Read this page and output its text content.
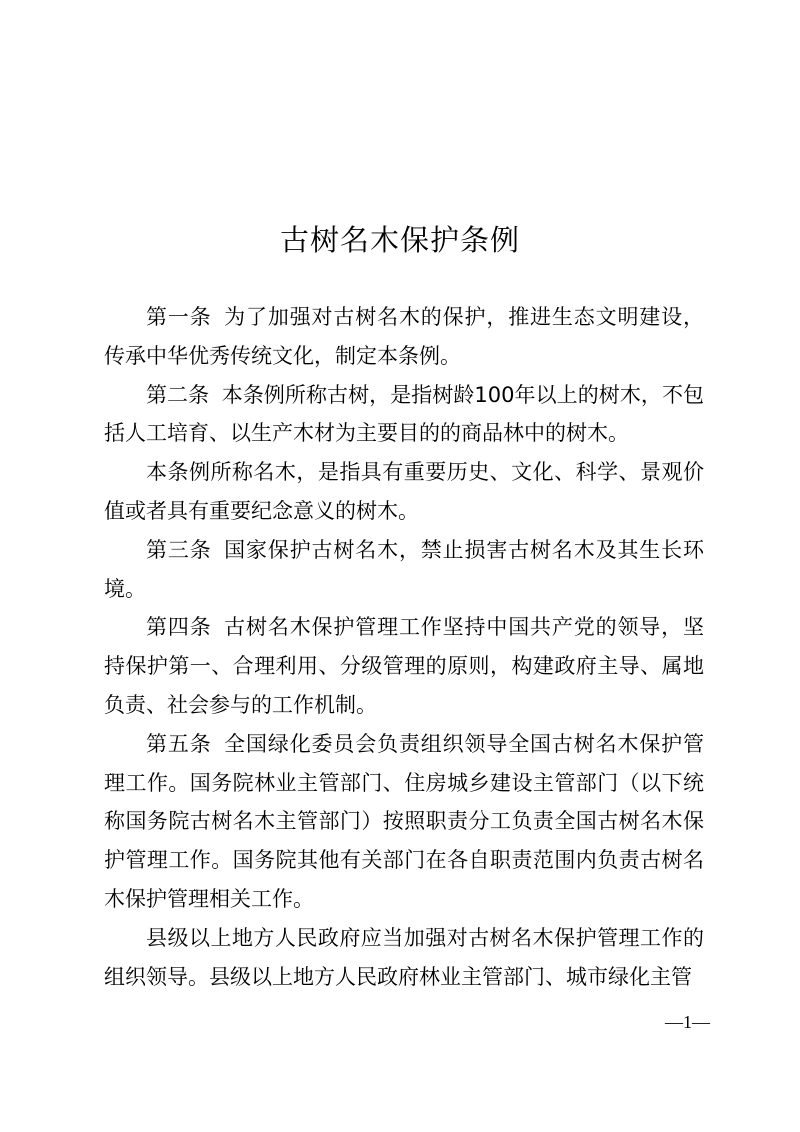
古树名木保护条例

第一条 为了加强对古树名木的保护，推进生态文明建设，传承中华优秀传统文化，制定本条例。

第二条 本条例所称古树，是指树龄100年以上的树木，不包括人工培育、以生产木材为主要目的的商品林中的树木。

本条例所称名木，是指具有重要历史、文化、科学、景观价值或者具有重要纪念意义的树木。

第三条 国家保护古树名木，禁止损害古树名木及其生长环境。

第四条 古树名木保护管理工作坚持中国共产党的领导，坚持保护第一、合理利用、分级管理的原则，构建政府主导、属地负责、社会参与的工作机制。

第五条 全国绿化委员会负责组织领导全国古树名木保护管理工作。国务院林业主管部门、住房城乡建设主管部门（以下统称国务院古树名木主管部门）按照职责分工负责全国古树名木保护管理工作。国务院其他有关部门在各自职责范围内负责古树名木保护管理相关工作。

县级以上地方人民政府应当加强对古树名木保护管理工作的组织领导。县级以上地方人民政府林业主管部门、城市绿化主管

—1—
